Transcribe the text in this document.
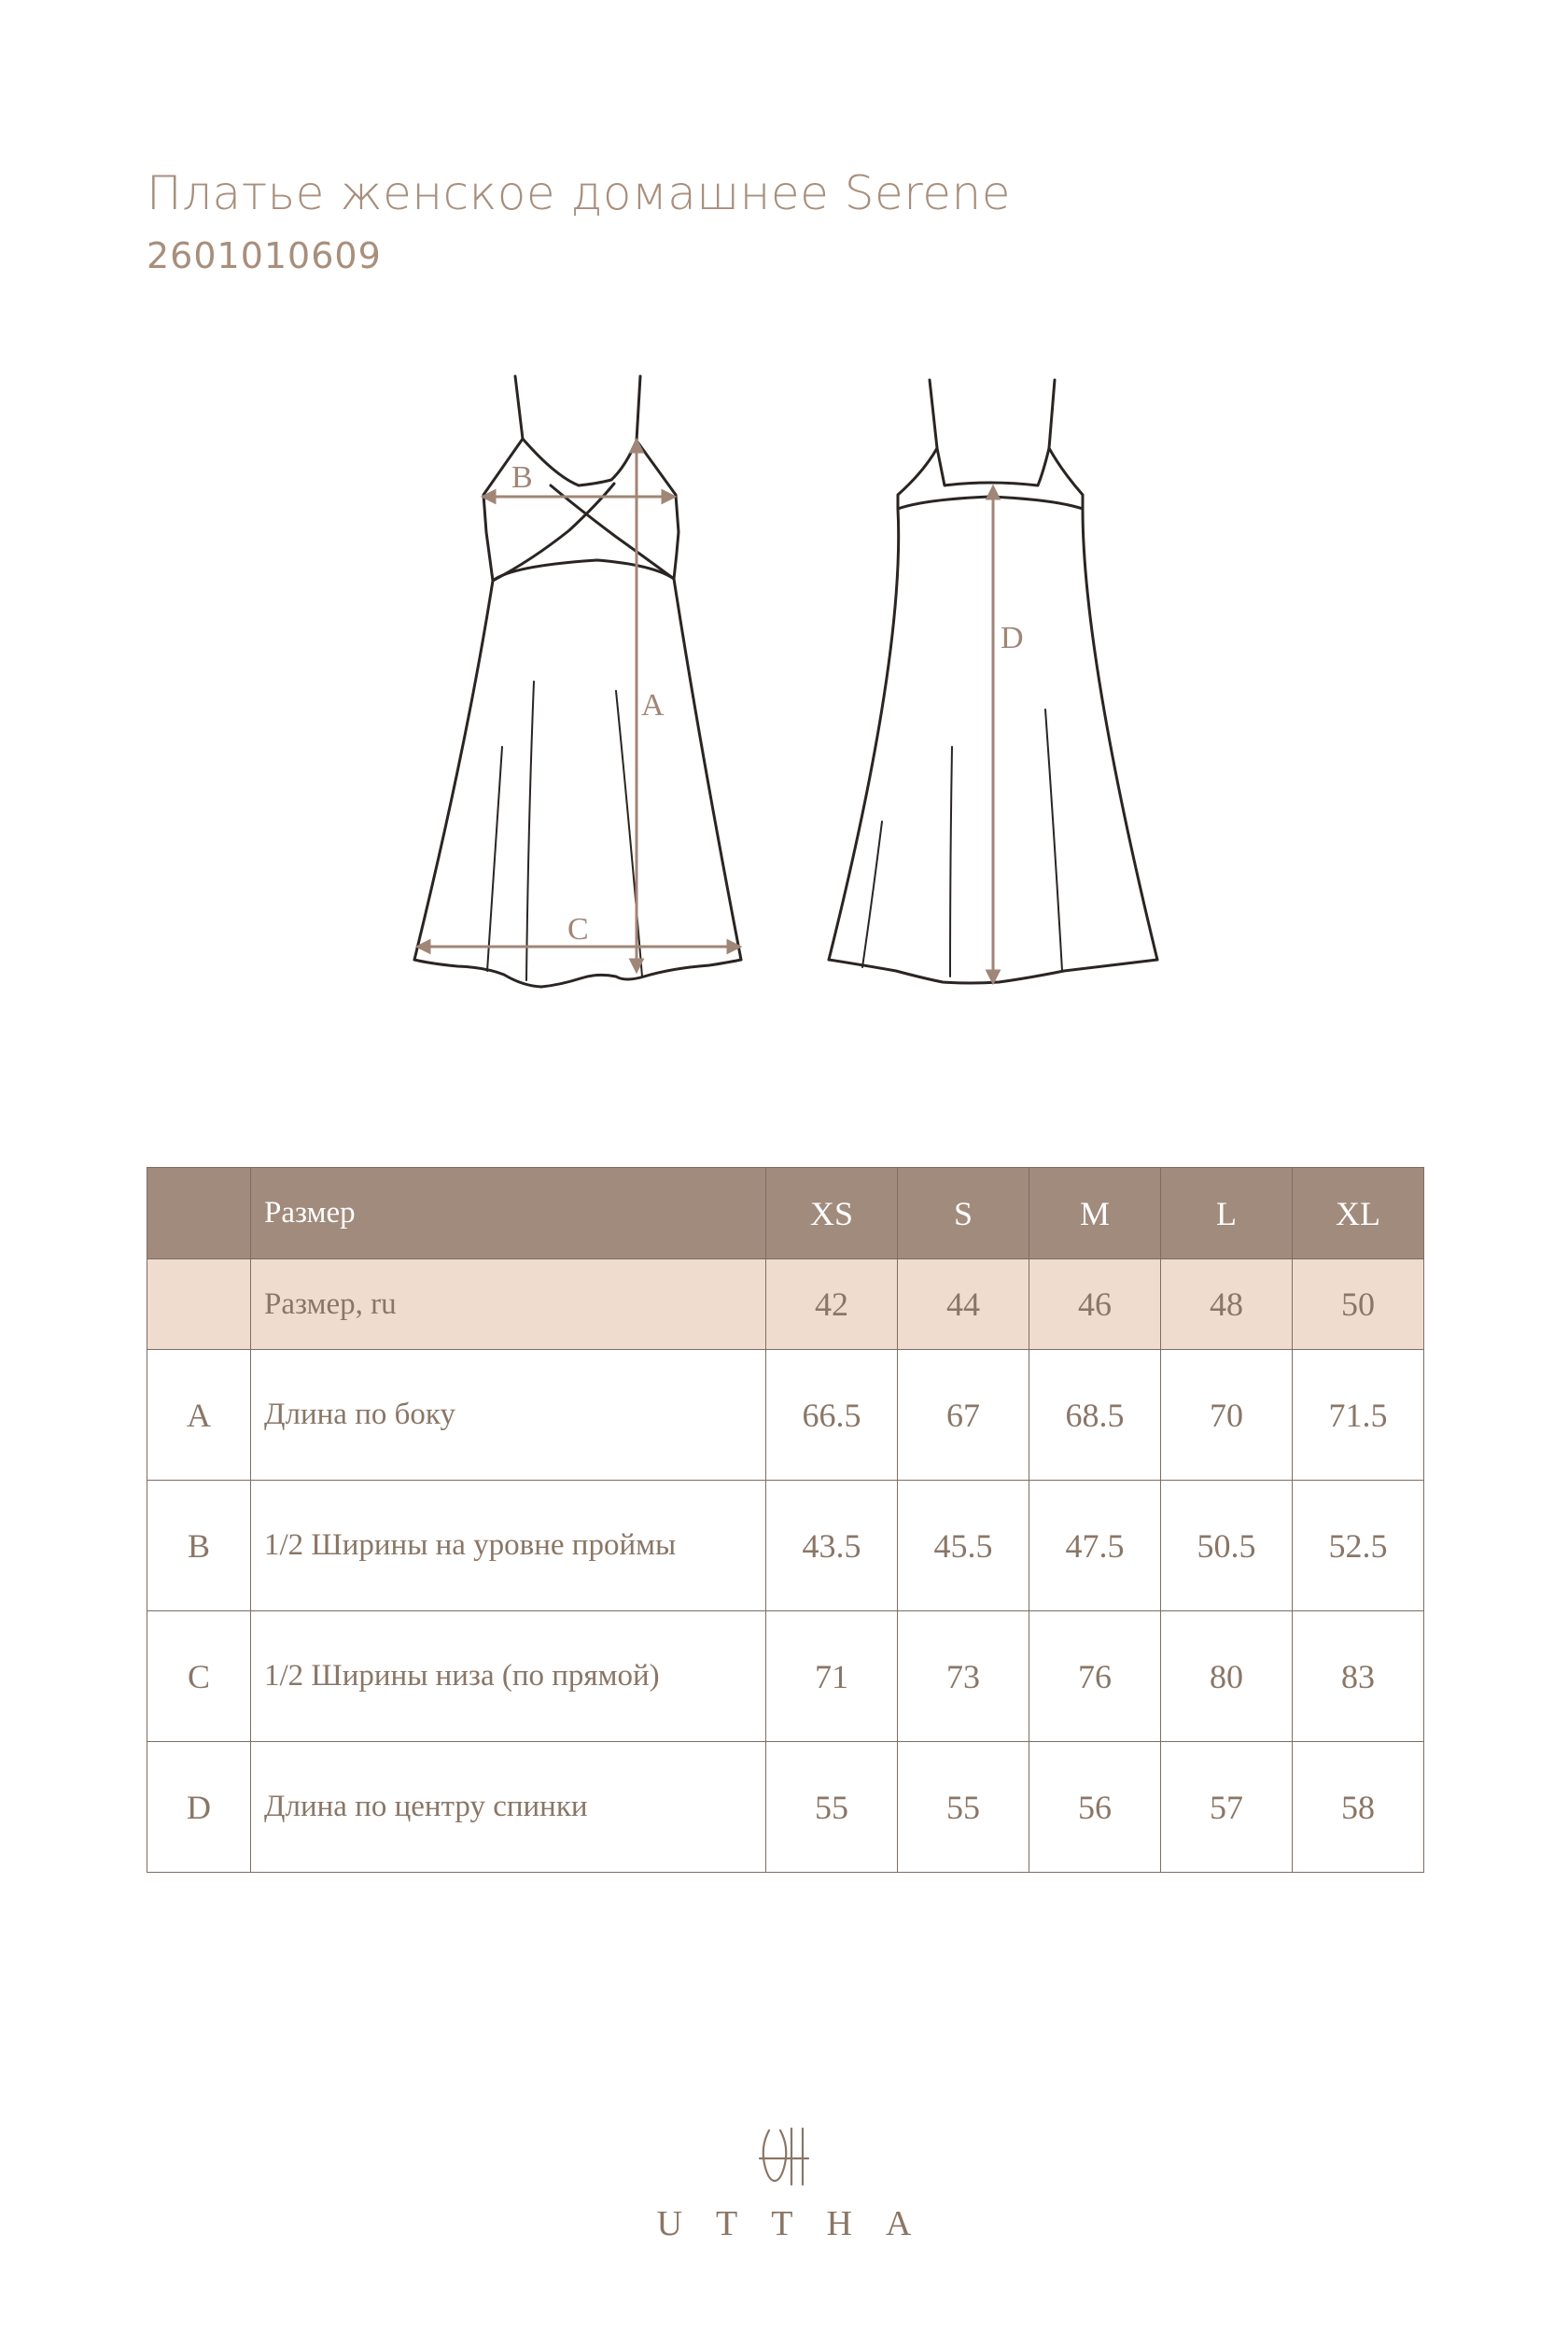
Платье женское домашнее Serene
2601010609
B
A
C
D
	Размер	XS	S	M	L	XL
	Размер, ru	42	44	46	48	50
A	Длина по боку	66.5	67	68.5	70	71.5
B	1/2 Ширины на уровне проймы	43.5	45.5	47.5	50.5	52.5
C	1/2 Ширины низа (по прямой)	71	73	76	80	83
D	Длина по центру спинки	55	55	56	57	58
UTTHA
